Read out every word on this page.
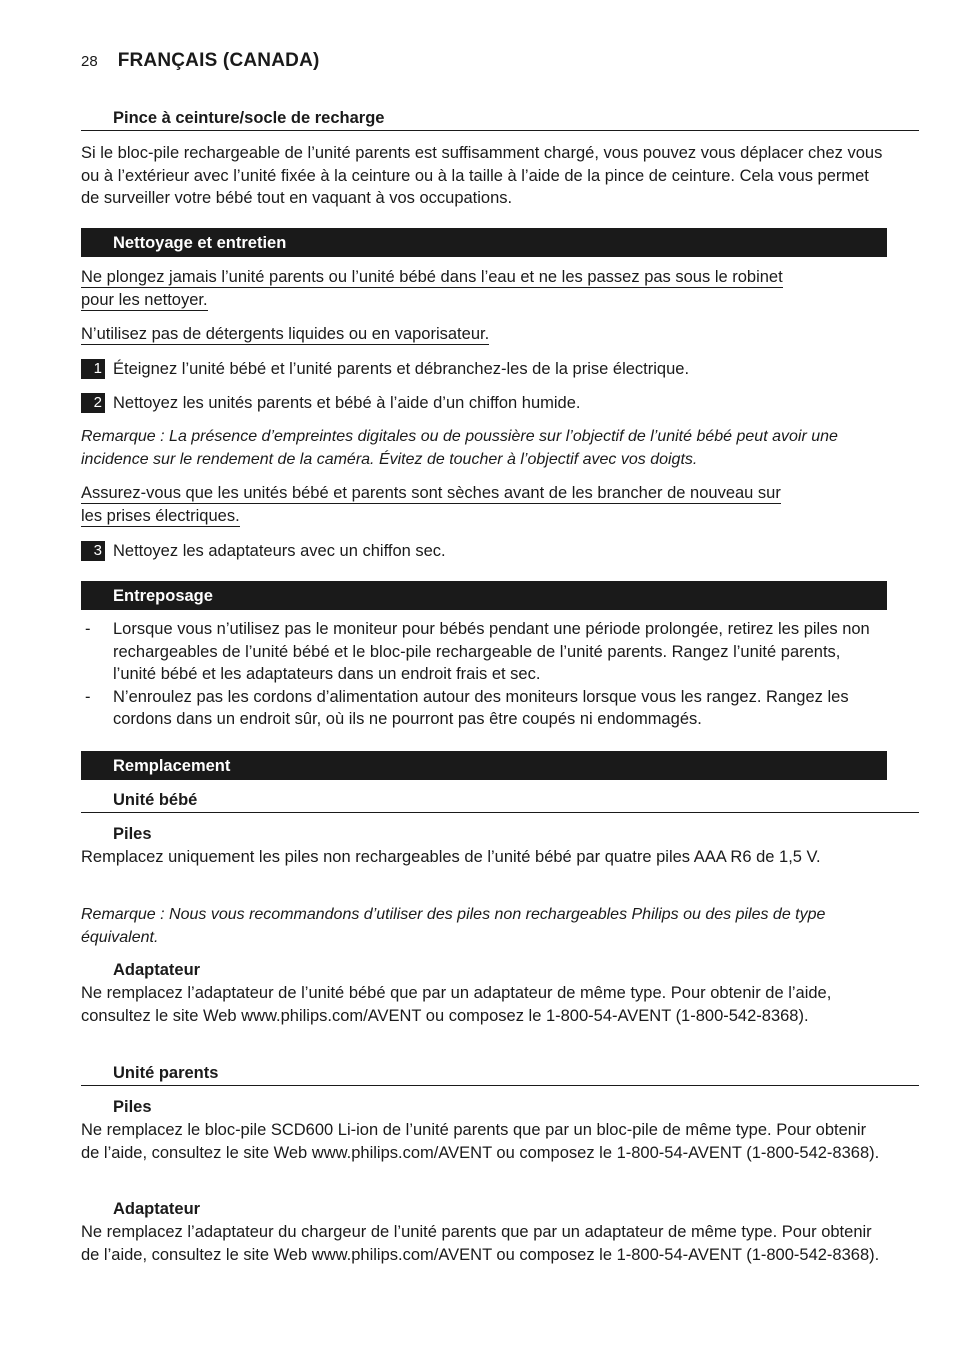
28 FRANÇAIS (CANADA)
Pince à ceinture/socle de recharge

Si le bloc-pile rechargeable de l’unité parents est suffisamment chargé, vous pouvez vous déplacer chez vous ou à l’extérieur avec l’unité fixée à la ceinture ou à la taille à l’aide de la pince de ceinture. Cela vous permet de surveiller votre bébé tout en vaquant à vos occupations.

Nettoyage et entretien

Ne plongez jamais l’unité parents ou l’unité bébé dans l’eau et ne les passez pas sous le robinet

pour les nettoyer.

N’utilisez pas de détergents liquides ou en vaporisateur.

1 Éteignez l’unité bébé et l’unité parents et débranchez-les de la prise électrique.
2 Nettoyez les unités parents et bébé à l’aide d’un chiffon humide.

Remarque : La présence d’empreintes digitales ou de poussière sur l’objectif de l’unité bébé peut avoir une incidence sur le rendement de la caméra. Évitez de toucher à l’objectif avec vos doigts.

Assurez-vous que les unités bébé et parents sont sèches avant de les brancher de nouveau sur

les prises électriques.

3 Nettoyez les adaptateurs avec un chiffon sec.
Entreposage
- Lorsque vous n’utilisez pas le moniteur pour bébés pendant une période prolongée, retirez les piles non rechargeables de l’unité bébé et le bloc-pile rechargeable de l’unité parents. Rangez l’unité parents, l’unité bébé et les adaptateurs dans un endroit frais et sec.
- N’enroulez pas les cordons d’alimentation autour des moniteurs lorsque vous les rangez. Rangez les cordons dans un endroit sûr, où ils ne pourront pas être coupés ni endommagés.
Remplacement
Unité bébé
Piles

Remplacez uniquement les piles non rechargeables de l’unité bébé par quatre piles AAA R6 de 1,5 V.

Remarque : Nous vous recommandons d’utiliser des piles non rechargeables Philips ou des piles de type équivalent.

Adaptateur

Ne remplacez l’adaptateur de l’unité bébé que par un adaptateur de même type. Pour obtenir de l’aide, consultez le site Web www.philips.com/AVENT ou composez le 1-800-54-AVENT (1-800-542-8368).

Unité parents
Piles

Ne remplacez le bloc-pile SCD600 Li-ion de l’unité parents que par un bloc-pile de même type. Pour obtenir de l’aide, consultez le site Web www.philips.com/AVENT ou composez le 1-800-54-AVENT (1-800-542-8368).

Adaptateur

Ne remplacez l’adaptateur du chargeur de l’unité parents que par un adaptateur de même type. Pour obtenir de l’aide, consultez le site Web www.philips.com/AVENT ou composez le 1-800-54-AVENT (1-800-542-8368).
